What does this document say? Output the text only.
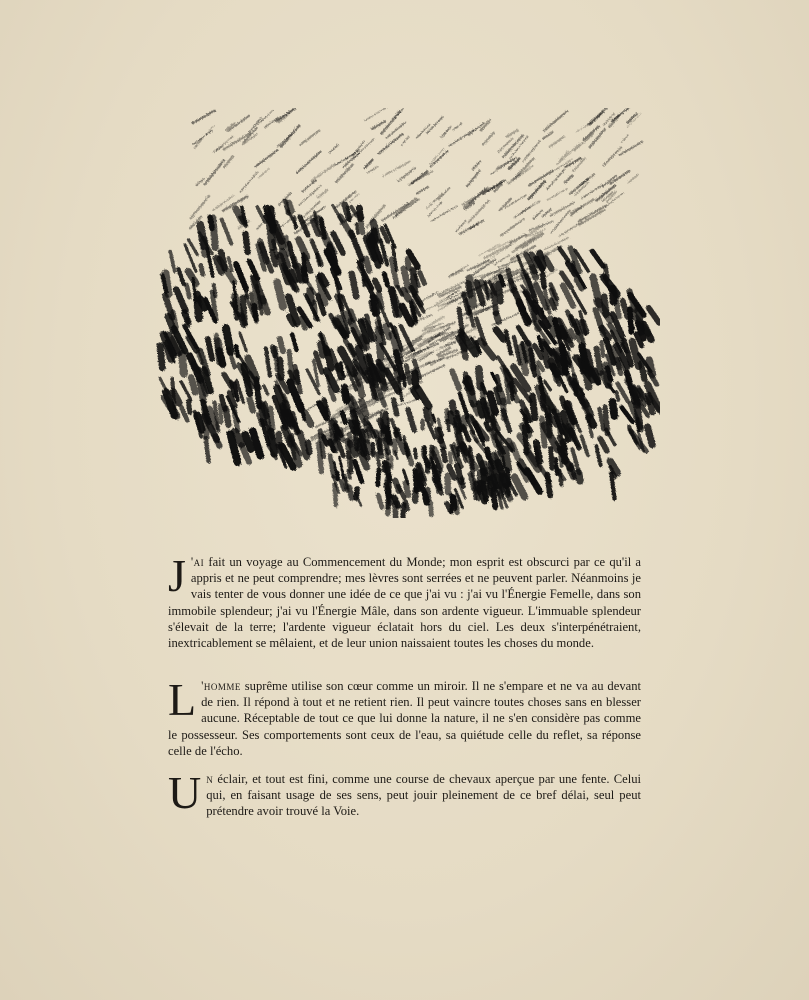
J 'ai fait un voyage au Commencement du Monde; mon esprit est obscurci par ce qu'il a appris et ne peut comprendre; mes lèvres sont serrées et ne peuvent parler. Néanmoins je vais tenter de vous donner une idée de ce que j'ai vu : j'ai vu l'Énergie Femelle, dans son immobile splendeur; j'ai vu l'Énergie Mâle, dans son ardente vigueur. L'immuable splendeur s'élevait de la terre; l'ardente vigueur éclatait hors du ciel. Les deux s'interpénétraient, inextricablement se mêlaient, et de leur union naissaient toutes les choses du monde.
L 'homme suprême utilise son cœur comme un miroir. Il ne s'empare et ne va au devant de rien. Il répond à tout et ne retient rien. Il peut vaincre toutes choses sans en blesser aucune. Réceptable de tout ce que lui donne la nature, il ne s'en considère pas comme le possesseur. Ses comportements sont ceux de l'eau, sa quiétude celle du reflet, sa réponse celle de l'écho.
Un éclair, et tout est fini, comme une course de chevaux aperçue par une fente. Celui qui, en faisant usage de ses sens, peut jouir pleinement de ce bref délai, seul peut prétendre avoir trouvé la Voie.
